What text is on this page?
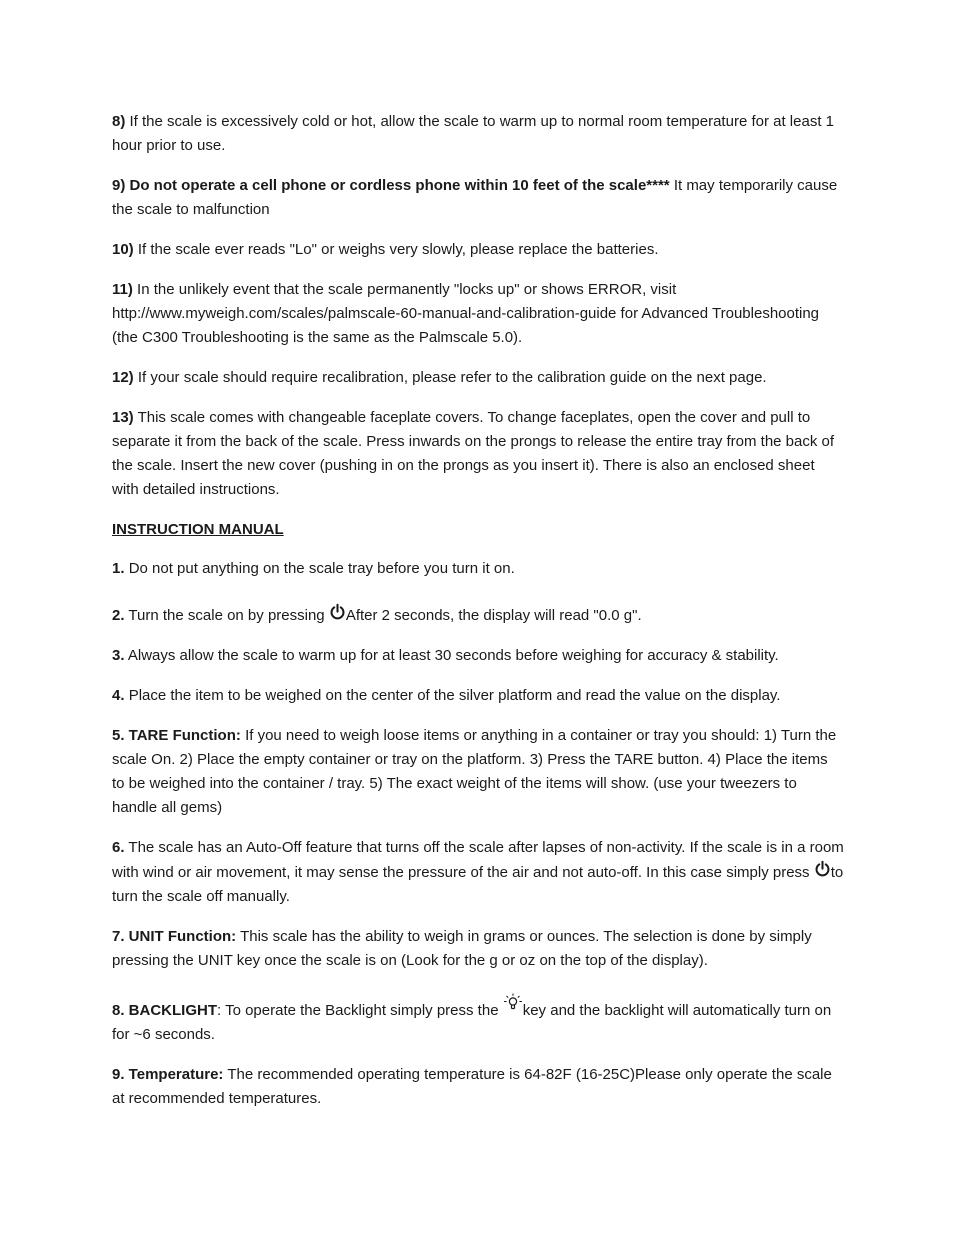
8) If the scale is excessively cold or hot, allow the scale to warm up to normal room temperature for at least 1 hour prior to use.

9) Do not operate a cell phone or cordless phone within 10 feet of the scale**** It may temporarily cause the scale to malfunction

10) If the scale ever reads "Lo" or weighs very slowly, please replace the batteries.

11) In the unlikely event that the scale permanently "locks up" or shows ERROR, visit http://www.myweigh.com/scales/palmscale-60-manual-and-calibration-guide for Advanced Troubleshooting (the C300 Troubleshooting is the same as the Palmscale 5.0).

12) If your scale should require recalibration, please refer to the calibration guide on the next page.

13) This scale comes with changeable faceplate covers. To change faceplates, open the cover and pull to separate it from the back of the scale. Press inwards on the prongs to release the entire tray from the back of the scale. Insert the new cover (pushing in on the prongs as you insert it). There is also an enclosed sheet with detailed instructions.

INSTRUCTION MANUAL

1. Do not put anything on the scale tray before you turn it on.

2. Turn the scale on by pressing After 2 seconds, the display will read "0.0 g".

3. Always allow the scale to warm up for at least 30 seconds before weighing for accuracy & stability.

4. Place the item to be weighed on the center of the silver platform and read the value on the display.

5. TARE Function: If you need to weigh loose items or anything in a container or tray you should: 1) Turn the scale On. 2) Place the empty container or tray on the platform. 3) Press the TARE button. 4) Place the items to be weighed into the container / tray. 5) The exact weight of the items will show. (use your tweezers to handle all gems)

6. The scale has an Auto-Off feature that turns off the scale after lapses of non-activity. If the scale is in a room with wind or air movement, it may sense the pressure of the air and not auto-off. In this case simply press to turn the scale off manually.

7. UNIT Function: This scale has the ability to weigh in grams or ounces. The selection is done by simply pressing the UNIT key once the scale is on (Look for the g or oz on the top of the display).

8. BACKLIGHT: To operate the Backlight simply press the key and the backlight will automatically turn on for ~6 seconds.

9. Temperature: The recommended operating temperature is 64-82F (16-25C)Please only operate the scale at recommended temperatures.
